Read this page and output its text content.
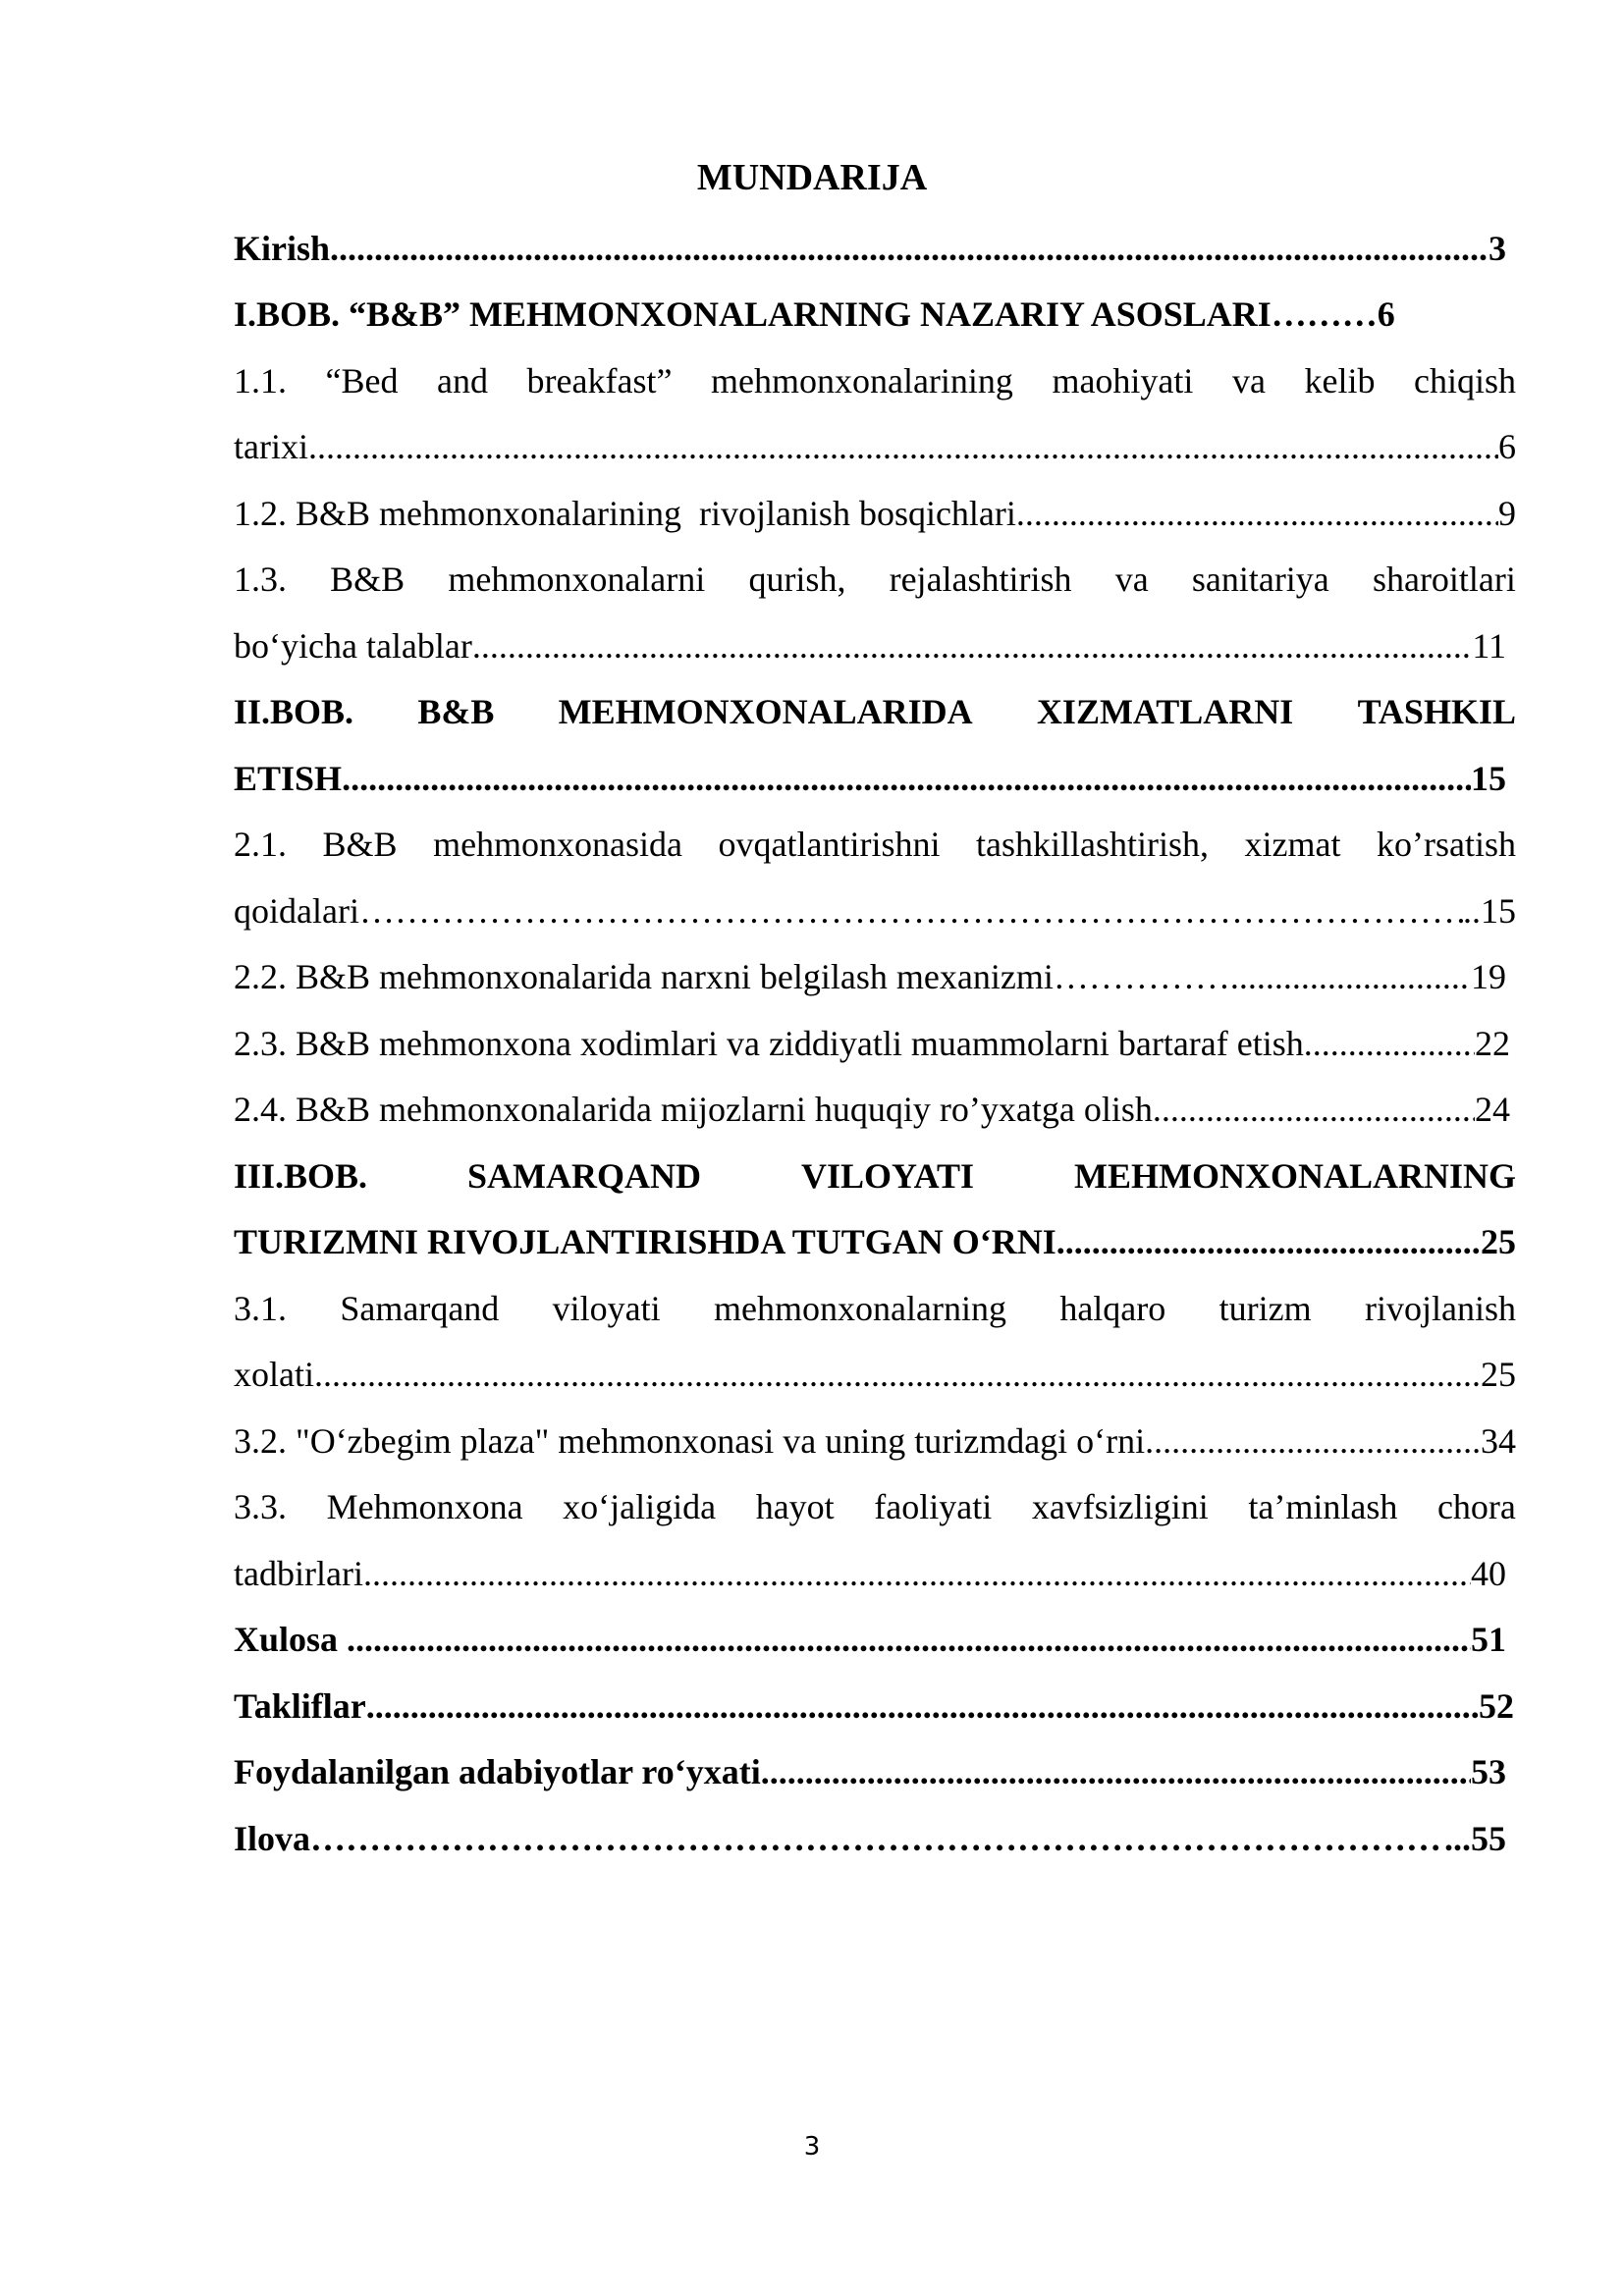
MUNDARIJA
Kirish .....	3
I.BOB. “B&B” MEHMONXONALARNING NAZARIY ASOSLARI……… 6
1.1. “Bed and breakfast” mehmonxonalarining maohiyati va kelib chiqish
tarixi .....	6
1.2. B&B mehmonxonalarining  rivojlanish bosqichlari .....	9
1.3. B&B mehmonxonalarni qurish, rejalashtirish va sanitariya sharoitlari
bo‘yicha talablar .....	11
II.BOB. B&B MEHMONXONALARIDA XIZMATLARNI TASHKIL
ETISH .....	15
2.1. B&B mehmonxonasida ovqatlantirishni tashkillashtirish, xizmat ko’rsatish
qoidalari ……………………………………………………………………………………………………………………………………………………………………………………………………………………	..15
2.2. B&B mehmonxonalarida narxni belgilash mexanizmi…………… .....	19
2.3. B&B mehmonxona xodimlari va ziddiyatli muammolarni bartaraf etish .....	22
2.4. B&B mehmonxonalarida mijozlarni huquqiy ro’yxatga olish .....	24
III.BOB.	SAMARQAND	VILOYATI	MEHMONXONALARNING
TURIZMNI RIVOJLANTIRISHDA TUTGAN O‘RNI .....	25
3.1. Samarqand viloyati mehmonxonalarning halqaro turizm rivojlanish
xolati .....	25
3.2. "O‘zbegim plaza" mehmonxonasi va uning turizmdagi o‘rni .....	34
3.3. Mehmonxona xo‘jaligida hayot faoliyati xavfsizligini ta’minlash chora
tadbirlari .....	40
Xulosa .....	51
Takliflar .....	52
Foydalanilgan adabiyotlar ro‘yxati .....	53
Ilova ……………………………………………………………………………………………………………………………………………………………………………………………………………………	...55
3
